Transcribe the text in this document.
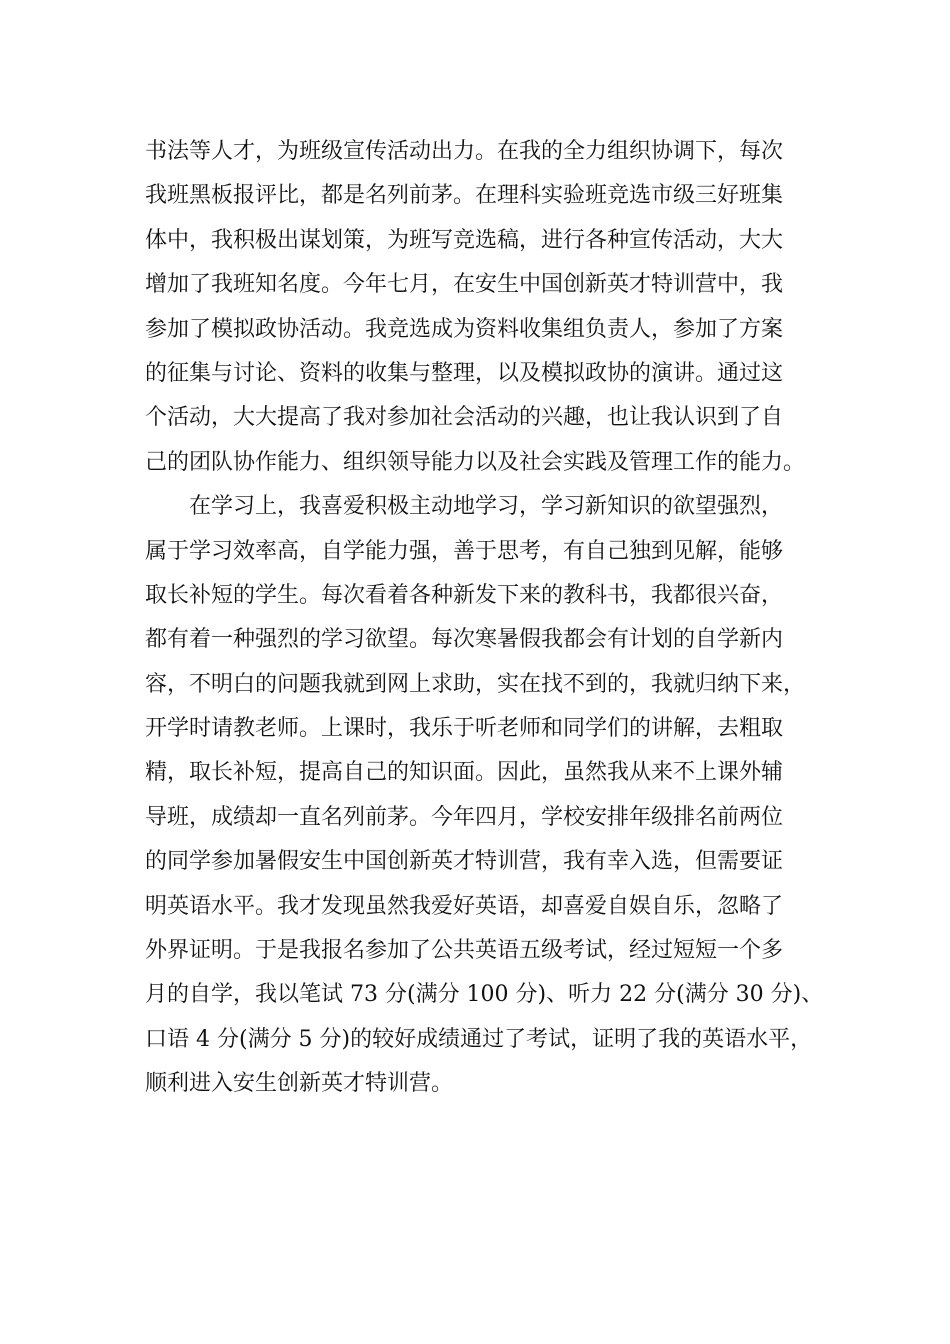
书法等人才，为班级宣传活动出力。在我的全力组织协调下，每次
我班黑板报评比，都是名列前茅。在理科实验班竞选市级三好班集
体中，我积极出谋划策，为班写竞选稿，进行各种宣传活动，大大
增加了我班知名度。今年七月，在安生中国创新英才特训营中，我
参加了模拟政协活动。我竞选成为资料收集组负责人，参加了方案
的征集与讨论、资料的收集与整理，以及模拟政协的演讲。通过这
个活动，大大提高了我对参加社会活动的兴趣，也让我认识到了自
己的团队协作能力、组织领导能力以及社会实践及管理工作的能力。
在学习上，我喜爱积极主动地学习，学习新知识的欲望强烈，
属于学习效率高，自学能力强，善于思考，有自己独到见解，能够
取长补短的学生。每次看着各种新发下来的教科书，我都很兴奋，
都有着一种强烈的学习欲望。每次寒暑假我都会有计划的自学新内
容，不明白的问题我就到网上求助，实在找不到的，我就归纳下来，
开学时请教老师。上课时，我乐于听老师和同学们的讲解，去粗取
精，取长补短，提高自己的知识面。因此，虽然我从来不上课外辅
导班，成绩却一直名列前茅。今年四月，学校安排年级排名前两位
的同学参加暑假安生中国创新英才特训营，我有幸入选，但需要证
明英语水平。我才发现虽然我爱好英语，却喜爱自娱自乐，忽略了
外界证明。于是我报名参加了公共英语五级考试，经过短短一个多
月的自学，我以笔试 73 分(满分 100 分)、听力 22 分(满分 30 分)、
口语 4 分(满分 5 分)的较好成绩通过了考试，证明了我的英语水平，
顺利进入安生创新英才特训营。
